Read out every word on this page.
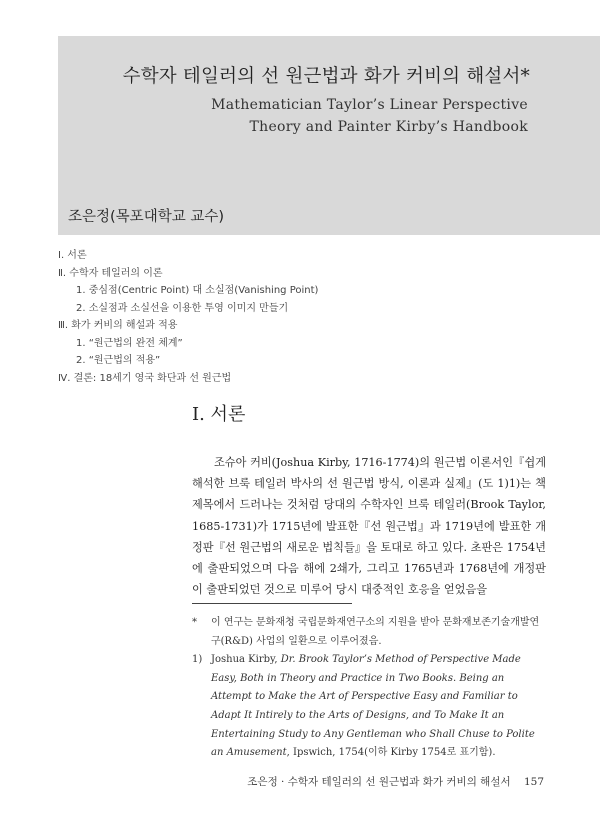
수학자 테일러의 선 원근법과 화가 커비의 해설서*
Mathematician Taylor’s Linear Perspective
Theory and Painter Kirby’s Handbook
조은정(목포대학교 교수)
Ⅰ. 서론
Ⅱ. 수학자 테일러의 이론
1. 중심점(Centric Point) 대 소실점(Vanishing Point)
2. 소실점과 소실선을 이용한 투영 이미지 만들기
Ⅲ. 화가 커비의 해설과 적용
1. “원근법의 완전 체계”
2. “원근법의 적용”
Ⅳ. 결론: 18세기 영국 화단과 선 원근법
Ⅰ. 서론

조슈아 커비(Joshua Kirby, 1716-1774)의 원근법 이론서인『쉽게 해석한 브룩 테일러 박사의 선 원근법 방식, 이론과 실제』(도 1)1)는 책 제목에서 드러나는 것처럼 당대의 수학자인 브룩 테일러(Brook Taylor, 1685-1731)가 1715년에 발표한『선 원근법』과 1719년에 발표한 개정판『선 원근법의 새로운 법칙들』을 토대로 하고 있다. 초판은 1754년에 출판되었으며 다음 해에 2쇄가, 그리고 1765년과 1768년에 개정판이 출판되었던 것으로 미루어 당시 대중적인 호응을 얻었음을

*	이 연구는 문화재청 국립문화재연구소의 지원을 받아 문화재보존기술개발연구(R&D) 사업의 일환으로 이루어졌음.
1) Joshua Kirby, Dr. Brook Taylor’s Method of Perspective Made Easy, Both in Theory and Practice in Two Books. Being an Attempt to Make the Art of Perspective Easy and Familiar to Adapt It Intirely to the Arts of Designs, and To Make It an Entertaining Study to Any Gentleman who Shall Chuse to Polite an Amusement, Ipswich, 1754(이하 Kirby 1754로 표기함).
조은정 · 수학자 테일러의 선 원근법과 화가 커비의 해설서 157
